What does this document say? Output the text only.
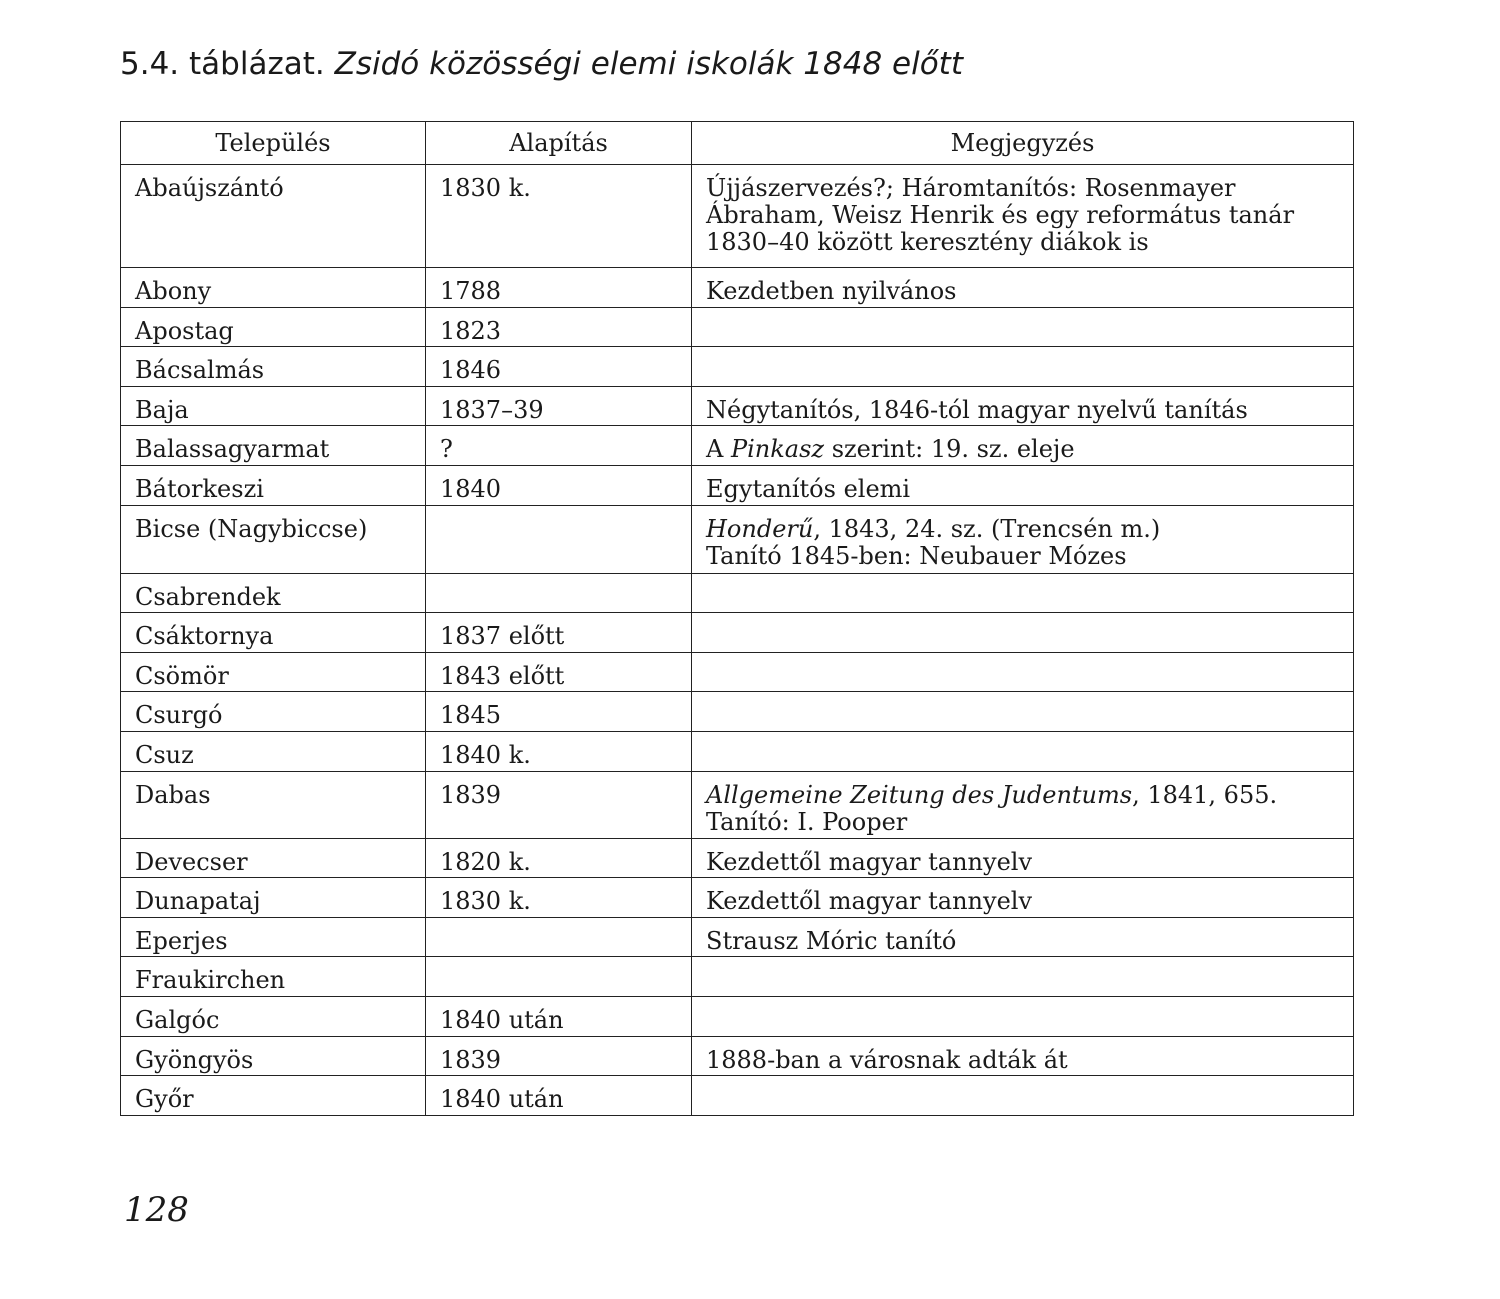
5.4. táblázat. Zsidó közösségi elemi iskolák 1848 előtt
Település	Alapítás	Megjegyzés
Abaújszántó	1830 k.	Újjászervezés?; Háromtanítós: Rosenmayer
Ábraham, Weisz Henrik és egy református tanár
1830–40 között keresztény diákok is

Abony	1788	Kezdetben nyilvános

Apostag	1823	
Bácsalmás	1846	
Baja	1837–39	Négytanítós, 1846-tól magyar nyelvű tanítás

Balassagyarmat	?	A Pinkasz szerint: 19. sz. eleje

Bátorkeszi	1840	Egytanítós elemi

Bicse (Nagybiccse)		Honderű, 1843, 24. sz. (Trencsén m.)
Tanító 1845-ben: Neubauer Mózes

Csabrendek		
Csáktornya	1837 előtt	
Csömör	1843 előtt	
Csurgó	1845	
Csuz	1840 k.	
Dabas	1839	Allgemeine Zeitung des Judentums, 1841, 655.
Tanító: I. Pooper

Devecser	1820 k.	Kezdettől magyar tannyelv

Dunapataj	1830 k.	Kezdettől magyar tannyelv

Eperjes		Strausz Móric tanító

Fraukirchen		
Galgóc	1840 után	
Gyöngyös	1839	1888-ban a városnak adták át

Győr	1840 után	
128
